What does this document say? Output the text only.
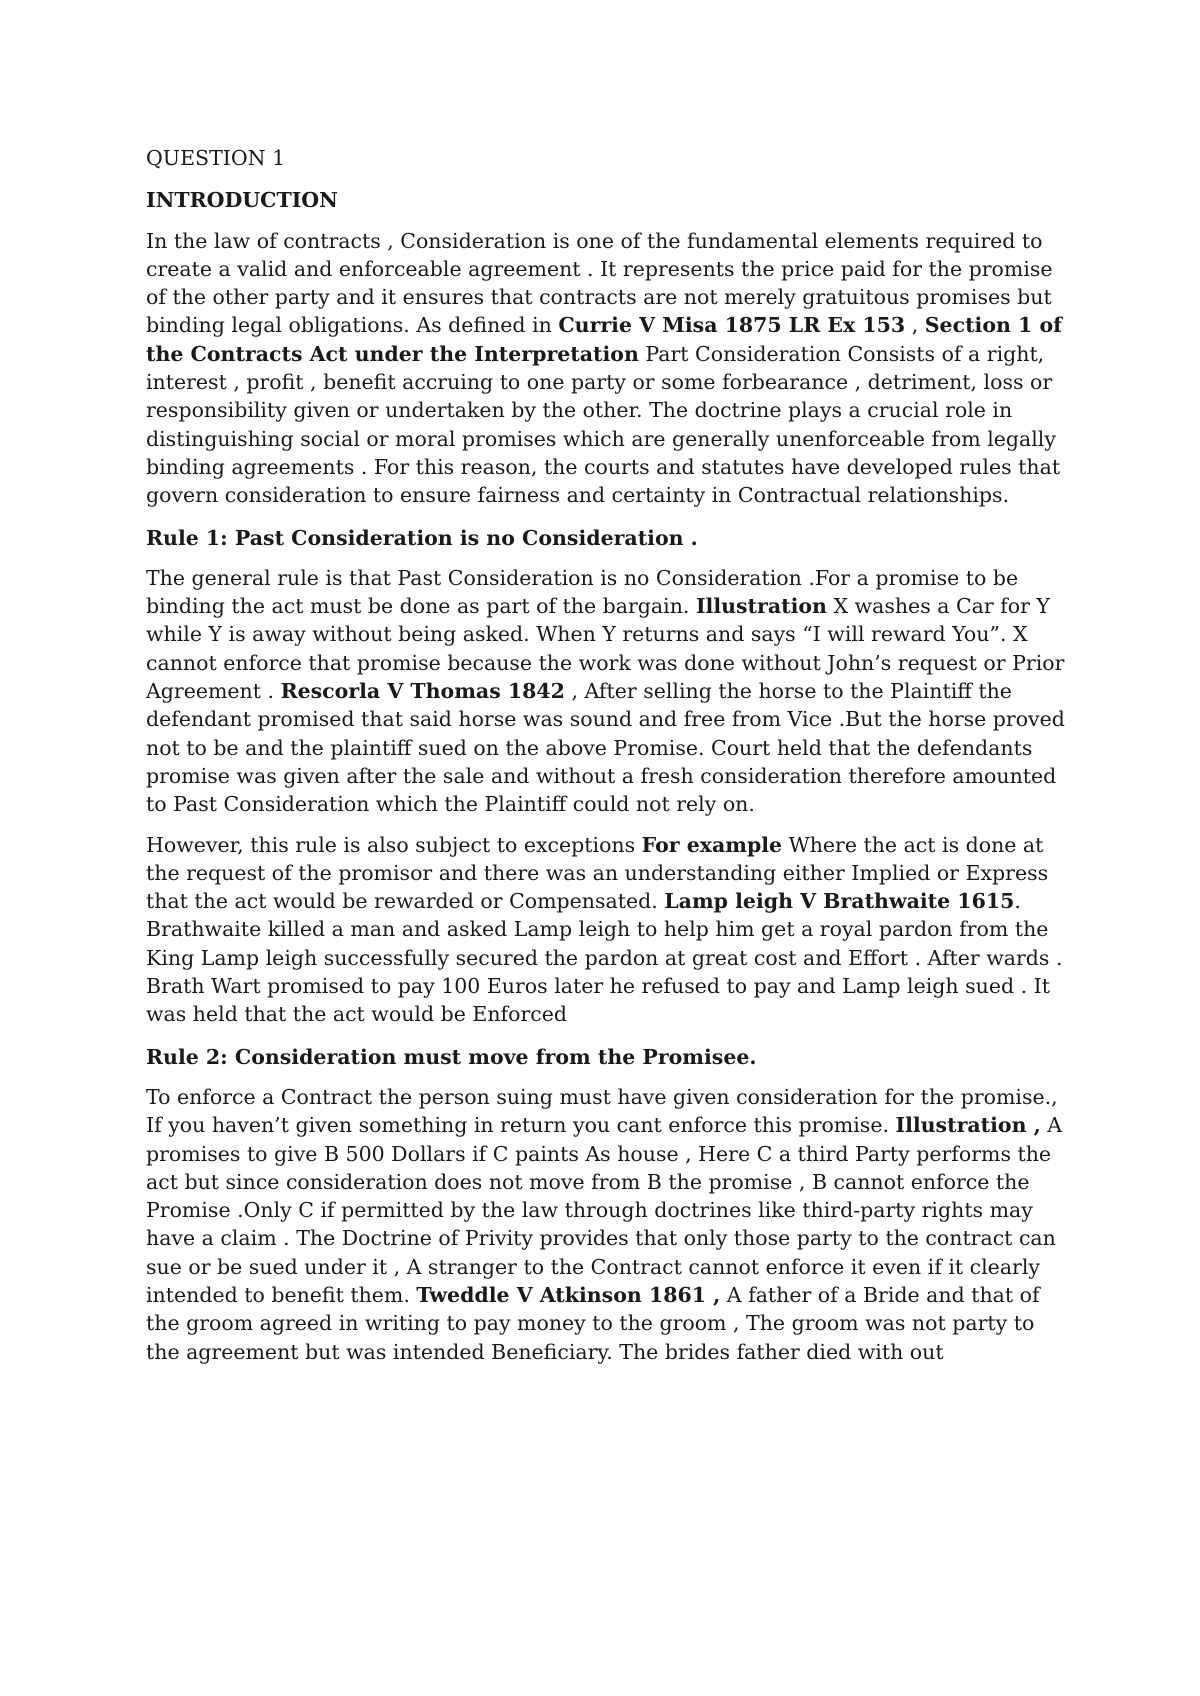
QUESTION 1

INTRODUCTION

In the law of contracts , Consideration is one of the fundamental elements required to create a valid and enforceable agreement . It represents the price paid for the promise of the other party and it ensures that contracts are not merely gratuitous promises but binding legal obligations. As defined in Currie V Misa 1875 LR Ex 153 , Section 1 of the Contracts Act under the Interpretation Part Consideration Consists of a right, interest , profit , benefit accruing to one party or some forbearance , detriment, loss or responsibility given or undertaken by the other. The doctrine plays a crucial role in distinguishing social or moral promises which are generally unenforceable from legally binding agreements . For this reason, the courts and statutes have developed rules that govern consideration to ensure fairness and certainty in Contractual relationships.

Rule 1: Past Consideration is no Consideration .

The general rule is that Past Consideration is no Consideration .For a promise to be binding the act must be done as part of the bargain. Illustration X washes a Car for Y while Y is away without being asked. When Y returns and says “I will reward You”. X cannot enforce that promise because the work was done without John’s request or Prior Agreement . Rescorla V Thomas 1842 , After selling the horse to the Plaintiff the defendant promised that said horse was sound and free from Vice .But the horse proved not to be and the plaintiff sued on the above Promise. Court held that the defendants promise was given after the sale and without a fresh consideration therefore amounted to Past Consideration which the Plaintiff could not rely on.

However, this rule is also subject to exceptions For example Where the act is done at the request of the promisor and there was an understanding either Implied or Express that the act would be rewarded or Compensated. Lamp leigh V Brathwaite 1615. Brathwaite killed a man and asked Lamp leigh to help him get a royal pardon from the King Lamp leigh successfully secured the pardon at great cost and Effort . After wards . Brath Wart promised to pay 100 Euros later he refused to pay and Lamp leigh sued . It was held that the act would be Enforced

Rule 2: Consideration must move from the Promisee.

To enforce a Contract the person suing must have given consideration for the promise., If you haven’t given something in return you cant enforce this promise. Illustration , A promises to give B 500 Dollars if C paints As house , Here C a third Party performs the act but since consideration does not move from B the promise , B cannot enforce the Promise .Only C if permitted by the law through doctrines like third-party rights may have a claim . The Doctrine of Privity provides that only those party to the contract can sue or be sued under it , A stranger to the Contract cannot enforce it even if it clearly intended to benefit them. Tweddle V Atkinson 1861 , A father of a Bride and that of the groom agreed in writing to pay money to the groom , The groom was not party to the agreement but was intended Beneficiary. The brides father died with out
